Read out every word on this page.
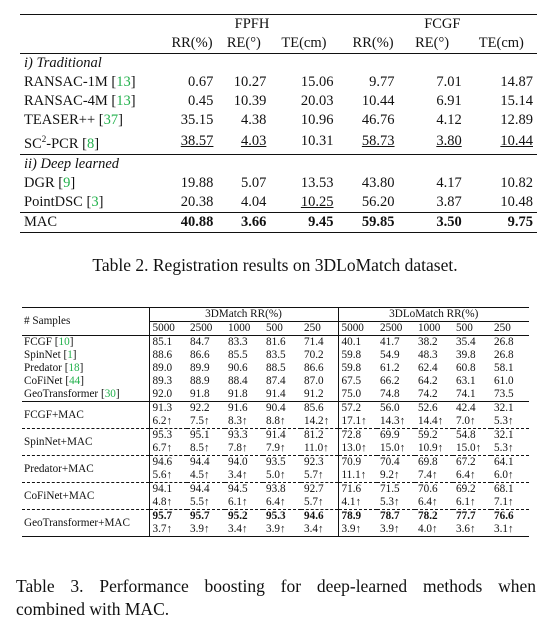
	FPFH				FCGF		
	RR(%)	RE(°)	TE(cm)		RR(%)	RE(°)	TE(cm)
i) Traditional							
RANSAC-1M [13]	0.67	10.27	15.06		9.77	7.01	14.87
RANSAC-4M [13]	0.45	10.39	20.03		10.44	6.91	15.14
TEASER++ [37]	35.15	4.38	10.96		46.76	4.12	12.89
$SC^2$-PCR [8]	38.57	4.03	10.31		58.73	3.80	10.44
ii) Deep learned							
DGR [9]	19.88	5.07	13.53		43.80	4.17	10.82
PointDSC [3]	20.38	4.04	10.25		56.20	3.87	10.48
MAC	40.88	3.66	9.45		59.85	3.50	9.75
Table 2. Registration results on 3DLoMatch dataset.
# Samples	3DMatch RR(%)					3DLoMatch RR(%)				
	5000	2500	1000	500	250	5000	2500	1000	500	250
FCGF [10]	85.1	84.7	83.3	81.6	71.4	40.1	41.7	38.2	35.4	26.8
SpinNet [1]	88.6	86.6	85.5	83.5	70.2	59.8	54.9	48.3	39.8	26.8
Predator [18]	89.0	89.9	90.6	88.5	86.6	59.8	61.2	62.4	60.8	58.1
CoFiNet [44]	89.3	88.9	88.4	87.4	87.0	67.5	66.2	64.2	63.1	61.0
GeoTransformer [30]	92.0	91.8	91.8	91.4	91.2	75.0	74.8	74.2	74.1	73.5
FCGF+MAC	91.3	92.2	91.6	90.4	85.6	57.2	56.0	52.6	42.4	32.1
	6.2↑	7.5↑	8.3↑	8.8↑	14.2↑	17.1↑	14.3↑	14.4↑	7.0↑	5.3↑
SpinNet+MAC	95.3	95.1	93.3	91.4	81.2	72.8	69.9	59.2	54.8	32.1
	6.7↑	8.5↑	7.8↑	7.9↑	11.0↑	13.0↑	15.0↑	10.9↑	15.0↑	5.3↑
Predator+MAC	94.6	94.4	94.0	93.5	92.3	70.9	70.4	69.8	67.2	64.1
	5.6↑	4.5↑	3.4↑	5.0↑	5.7↑	11.1↑	9.2↑	7.4↑	6.4↑	6.0↑
CoFiNet+MAC	94.1	94.4	94.5	93.8	92.7	71.6	71.5	70.6	69.2	68.1
	4.8↑	5.5↑	6.1↑	6.4↑	5.7↑	4.1↑	5.3↑	6.4↑	6.1↑	7.1↑
GeoTransformer+MAC	95.7	95.7	95.2	95.3	94.6	78.9	78.7	78.2	77.7	76.6
	3.7↑	3.9↑	3.4↑	3.9↑	3.4↑	3.9↑	3.9↑	4.0↑	3.6↑	3.1↑
Table 3. Performance boosting for deep-learned methods when
combined with MAC.
